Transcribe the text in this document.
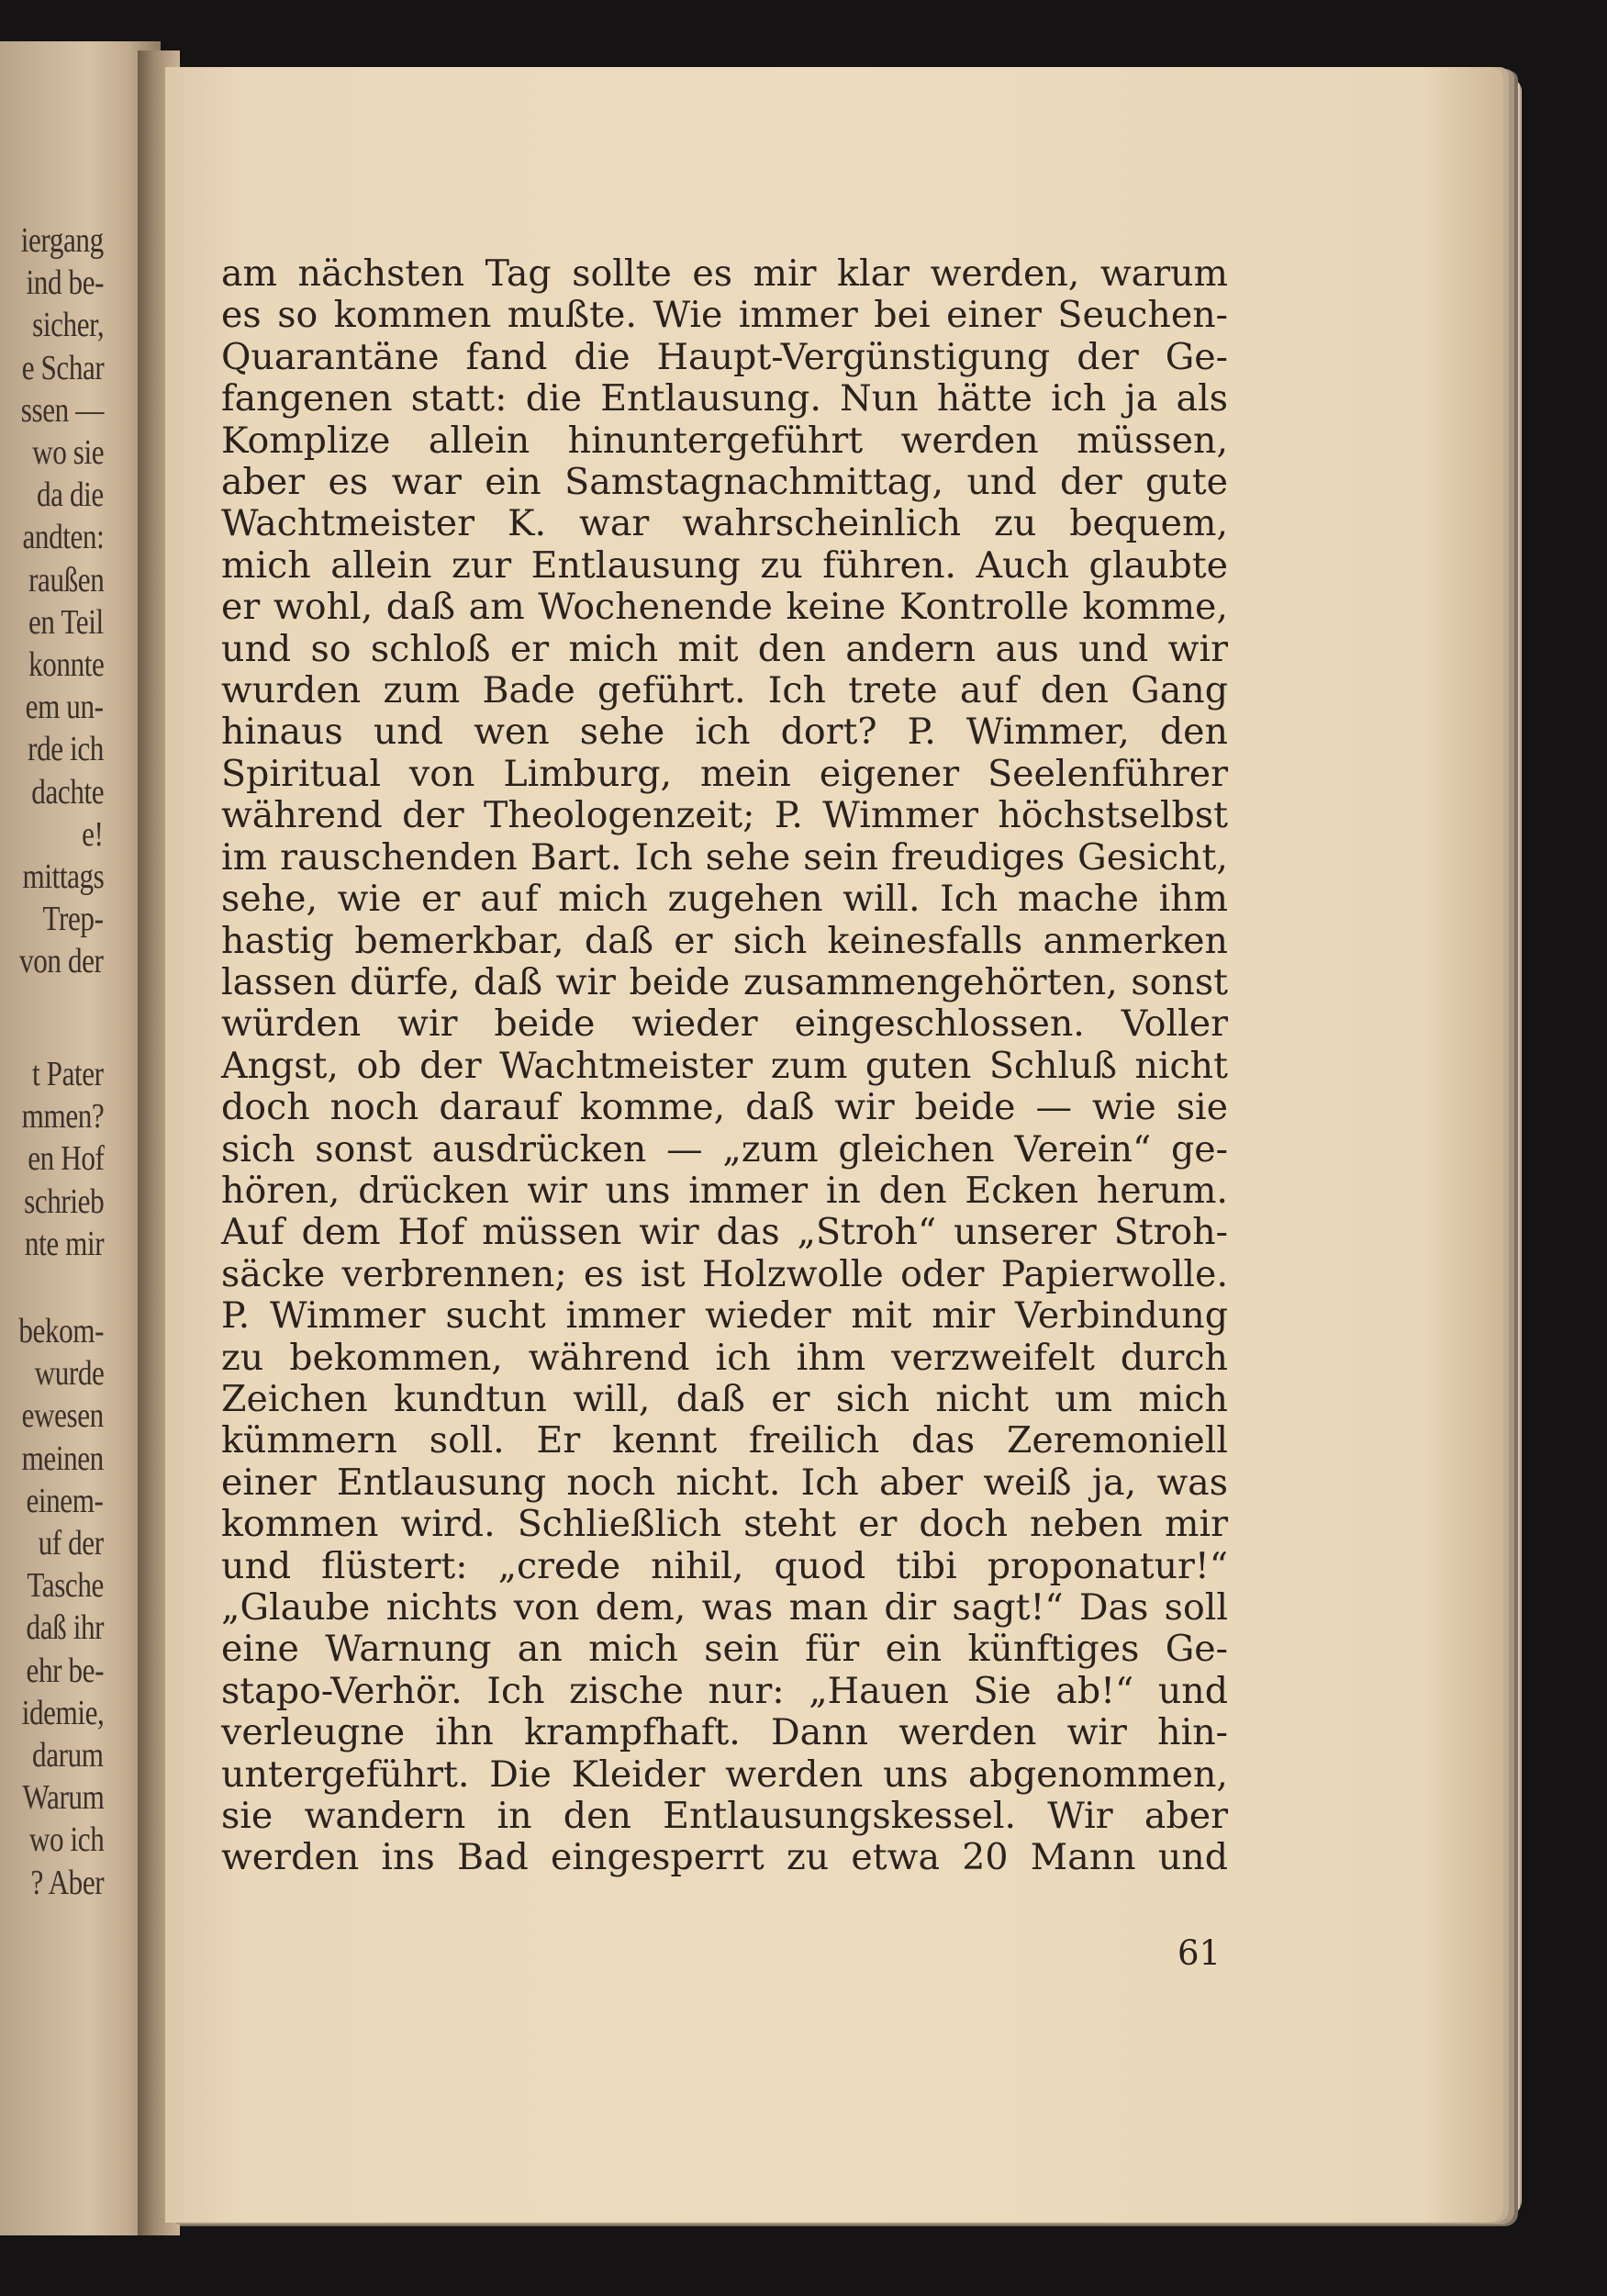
iergang
ind be-
sicher,
e Schar
ssen —
wo sie
da die
andten:
raußen
en Teil
konnte
em un-
rde ich
dachte
e!
mittags
Trep-
von der
t Pater
mmen?
en Hof
schrieb
nte mir
bekom-
wurde
ewesen
meinen
einem-
uf der
Tasche
daß ihr
ehr be-
idemie,
darum
Warum
wo ich
? Aber
am nächsten Tag sollte es mir klar werden, warum
es so kommen mußte. Wie immer bei einer Seuchen-
Quarantäne fand die Haupt-Vergünstigung der Ge-
fangenen statt: die Entlausung. Nun hätte ich ja als
Komplize allein hinuntergeführt werden müssen,
aber es war ein Samstagnachmittag, und der gute
Wachtmeister K. war wahrscheinlich zu bequem,
mich allein zur Entlausung zu führen. Auch glaubte
er wohl, daß am Wochenende keine Kontrolle komme,
und so schloß er mich mit den andern aus und wir
wurden zum Bade geführt. Ich trete auf den Gang
hinaus und wen sehe ich dort? P. Wimmer, den
Spiritual von Limburg, mein eigener Seelenführer
während der Theologenzeit; P. Wimmer höchstselbst
im rauschenden Bart. Ich sehe sein freudiges Gesicht,
sehe, wie er auf mich zugehen will. Ich mache ihm
hastig bemerkbar, daß er sich keinesfalls anmerken
lassen dürfe, daß wir beide zusammengehörten, sonst
würden wir beide wieder eingeschlossen. Voller
Angst, ob der Wachtmeister zum guten Schluß nicht
doch noch darauf komme, daß wir beide — wie sie
sich sonst ausdrücken — „zum gleichen Verein“ ge-
hören, drücken wir uns immer in den Ecken herum.
Auf dem Hof müssen wir das „Stroh“ unserer Stroh-
säcke verbrennen; es ist Holzwolle oder Papierwolle.
P. Wimmer sucht immer wieder mit mir Verbindung
zu bekommen, während ich ihm verzweifelt durch
Zeichen kundtun will, daß er sich nicht um mich
kümmern soll. Er kennt freilich das Zeremoniell
einer Entlausung noch nicht. Ich aber weiß ja, was
kommen wird. Schließlich steht er doch neben mir
und flüstert: „crede nihil, quod tibi proponatur!“
„Glaube nichts von dem, was man dir sagt!“ Das soll
eine Warnung an mich sein für ein künftiges Ge-
stapo-Verhör. Ich zische nur: „Hauen Sie ab!“ und
verleugne ihn krampfhaft. Dann werden wir hin-
untergeführt. Die Kleider werden uns abgenommen,
sie wandern in den Entlausungskessel. Wir aber
werden ins Bad eingesperrt zu etwa 20 Mann und
61
